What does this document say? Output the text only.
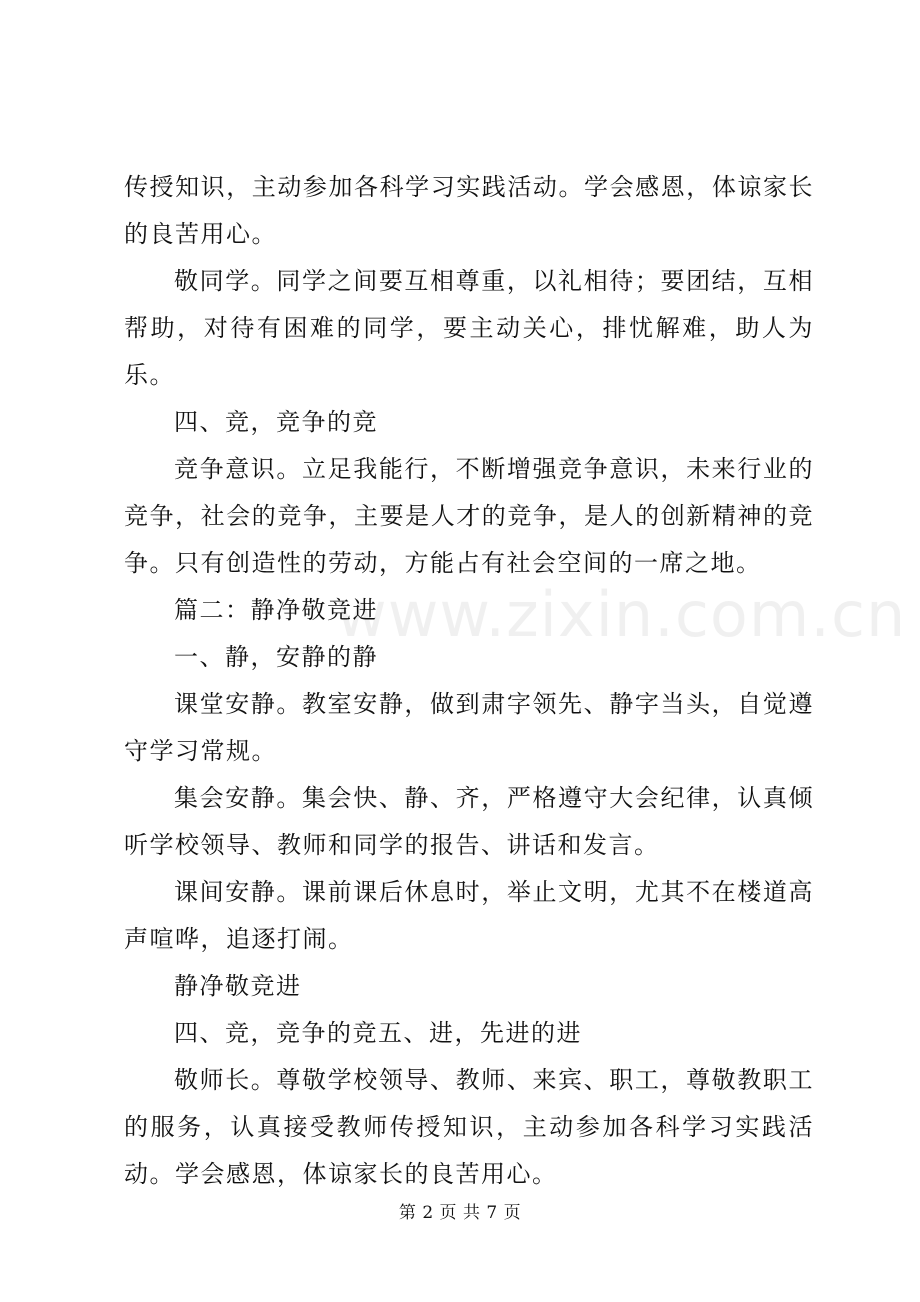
传授知识，主动参加各科学习实践活动。学会感恩，体谅家长的良苦用心。

敬同学。同学之间要互相尊重，以礼相待；要团结，互相帮助，对待有困难的同学，要主动关心，排忧解难，助人为乐。

四、竞，竞争的竞

竞争意识。立足我能行，不断增强竞争意识，未来行业的竞争，社会的竞争，主要是人才的竞争，是人的创新精神的竞争。只有创造性的劳动，方能占有社会空间的一席之地。

篇二：静净敬竞进

一、静，安静的静

课堂安静。教室安静，做到肃字领先、静字当头，自觉遵守学习常规。

集会安静。集会快、静、齐，严格遵守大会纪律，认真倾听学校领导、教师和同学的报告、讲话和发言。

课间安静。课前课后休息时，举止文明，尤其不在楼道高声喧哗，追逐打闹。

静净敬竞进

四、竞，竞争的竞五、进，先进的进

敬师长。尊敬学校领导、教师、来宾、职工，尊敬教职工的服务，认真接受教师传授知识，主动参加各科学习实践活动。学会感恩，体谅家长的良苦用心。

www.zixin.com.cn
第 2 页 共 7 页
